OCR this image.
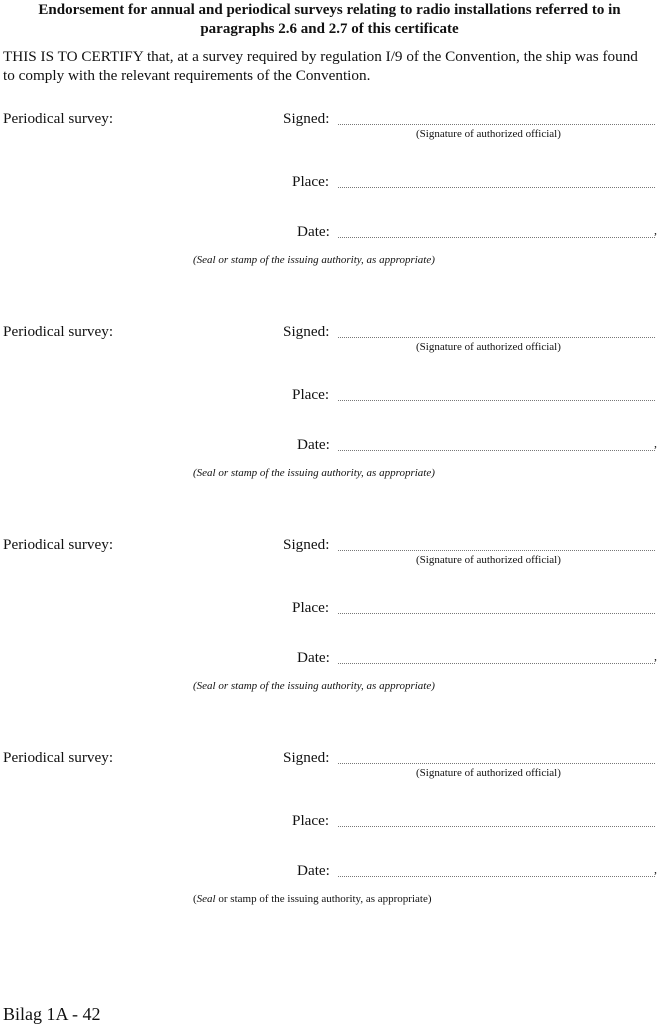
Endorsement for annual and periodical surveys relating to radio installations referred to in paragraphs 2.6 and 2.7 of this certificate
THIS IS TO CERTIFY that, at a survey required by regulation I/9 of the Convention, the ship was found to comply with the relevant requirements of the Convention.
Periodical survey:	Signed:
(Signature of authorized official)
Place:
Date:	,
(Seal or stamp of the issuing authority, as appropriate)
Periodical survey:	Signed:
(Signature of authorized official)
Place:
Date:	,
(Seal or stamp of the issuing authority, as appropriate)
Periodical survey:	Signed:
(Signature of authorized official)
Place:
Date:	,
(Seal or stamp of the issuing authority, as appropriate)
Periodical survey:	Signed:
(Signature of authorized official)
Place:
Date:	,
(Seal or stamp of the issuing authority, as appropriate)
Bilag 1A - 42
